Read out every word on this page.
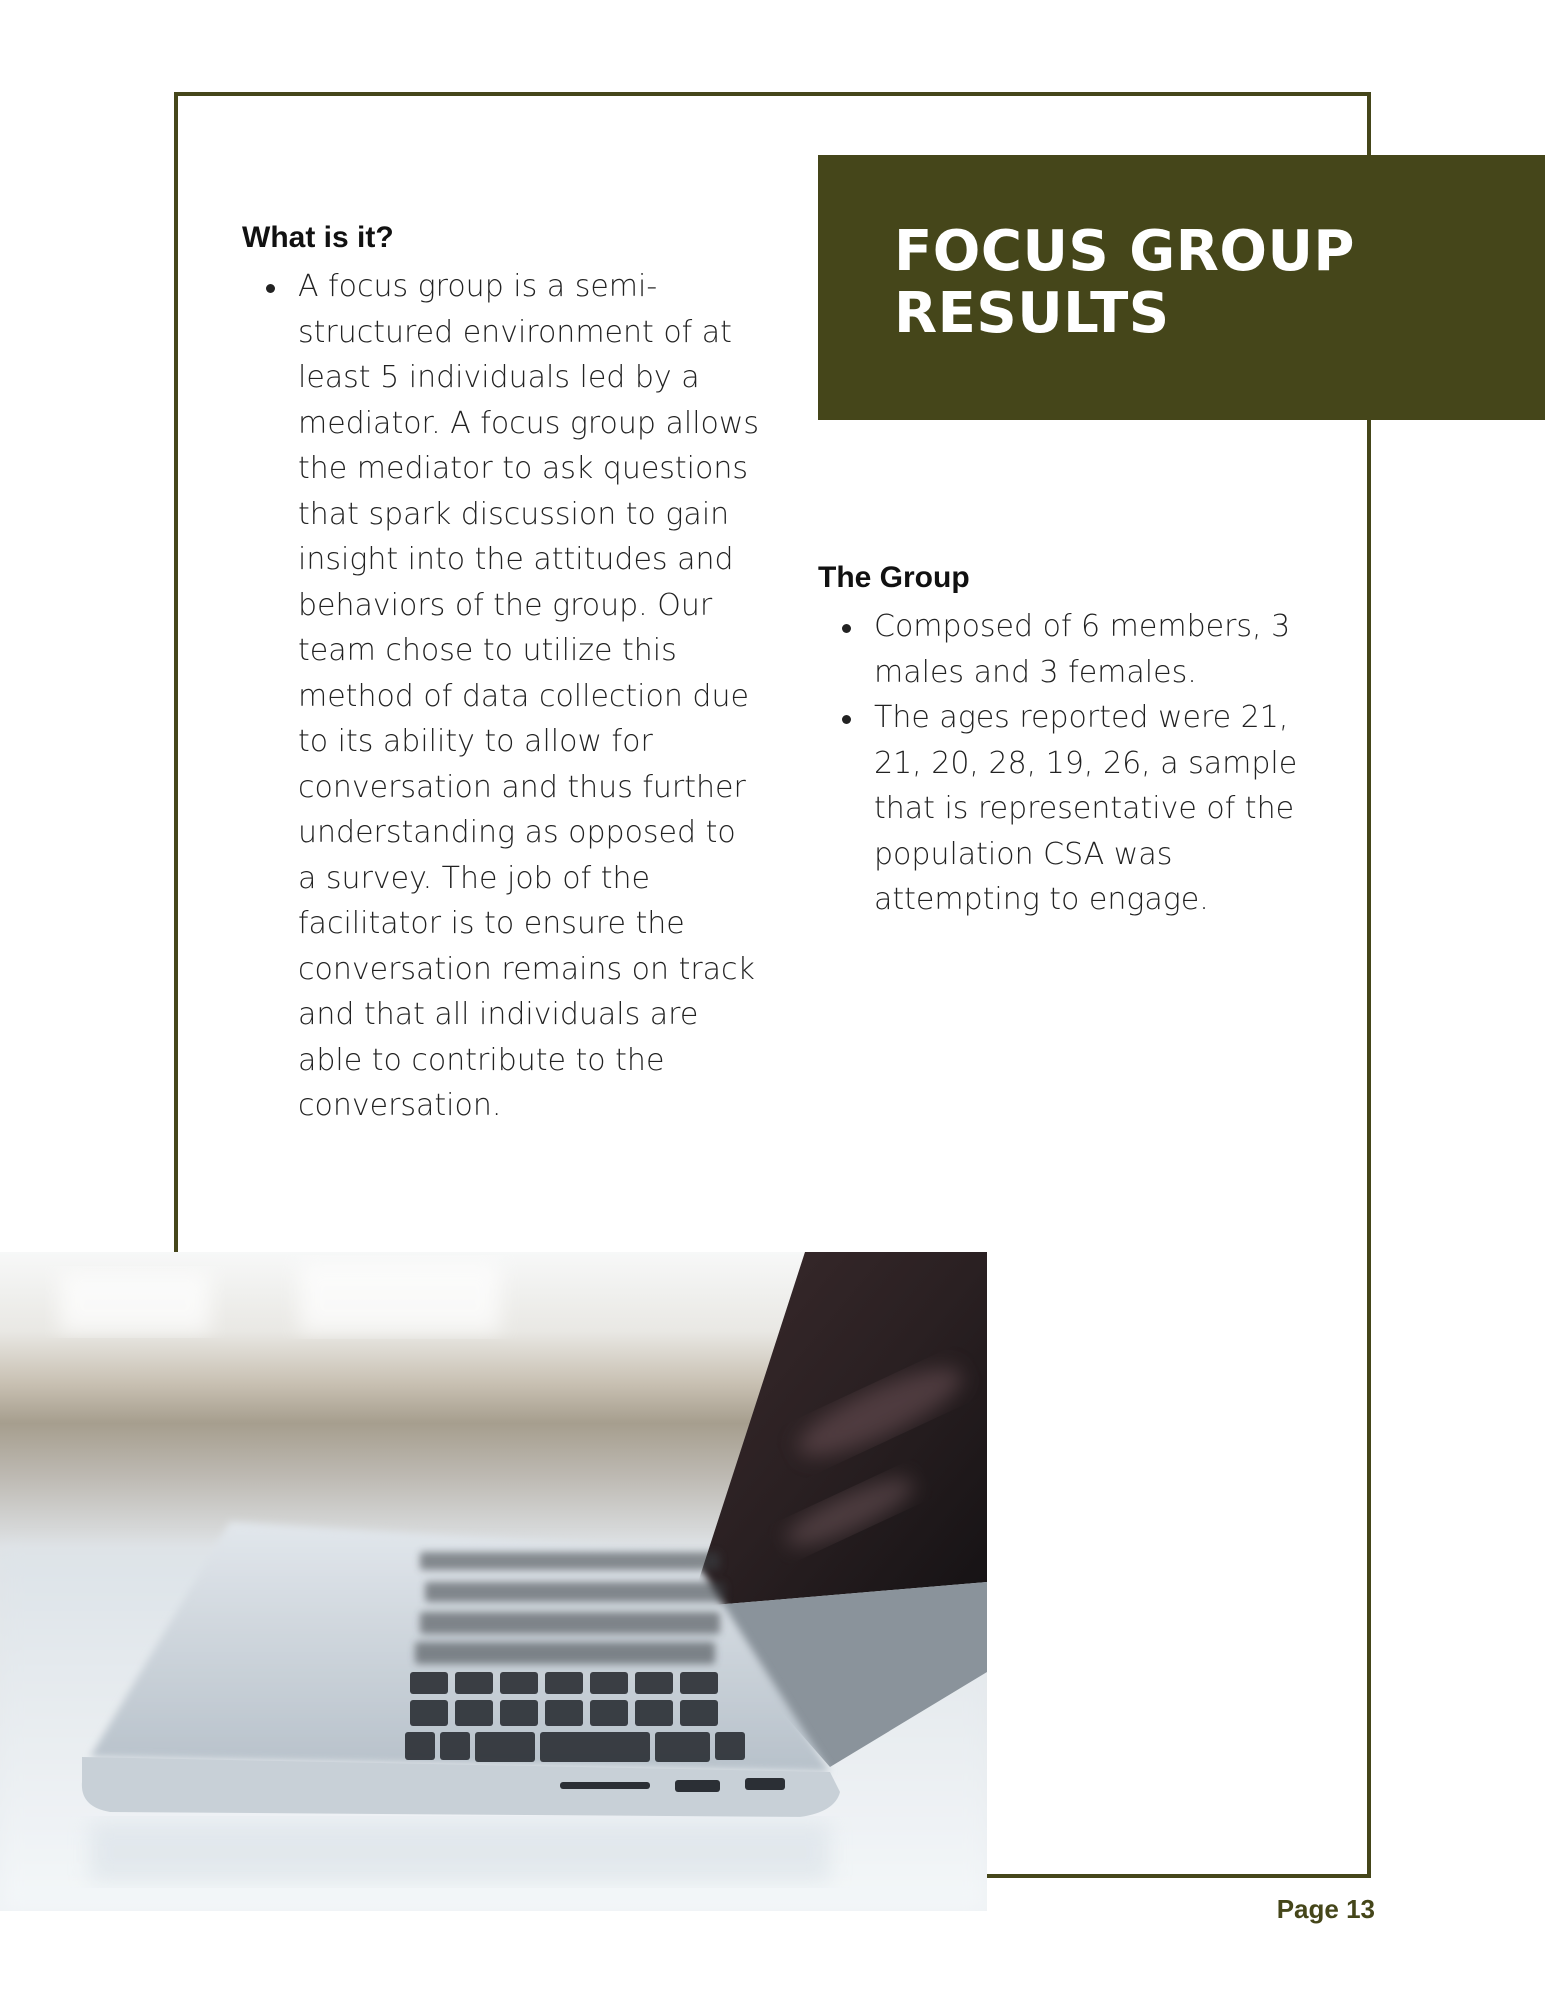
FOCUS GROUP
RESULTS
What is it?
A focus group is a semi-structured environment of at least 5 individuals led by a mediator. A focus group allows the mediator to ask questions that spark discussion to gain insight into the attitudes and behaviors of the group. Our team chose to utilize this method of data collection due to its ability to allow for conversation and thus further understanding as opposed to a survey. The job of the facilitator is to ensure the conversation remains on track and that all individuals are able to contribute to the conversation.
The Group
Composed of 6 members, 3 males and 3 females.
The ages reported were 21, 21, 20, 28, 19, 26, a sample that is representative of the population CSA was attempting to engage.
Page 13
